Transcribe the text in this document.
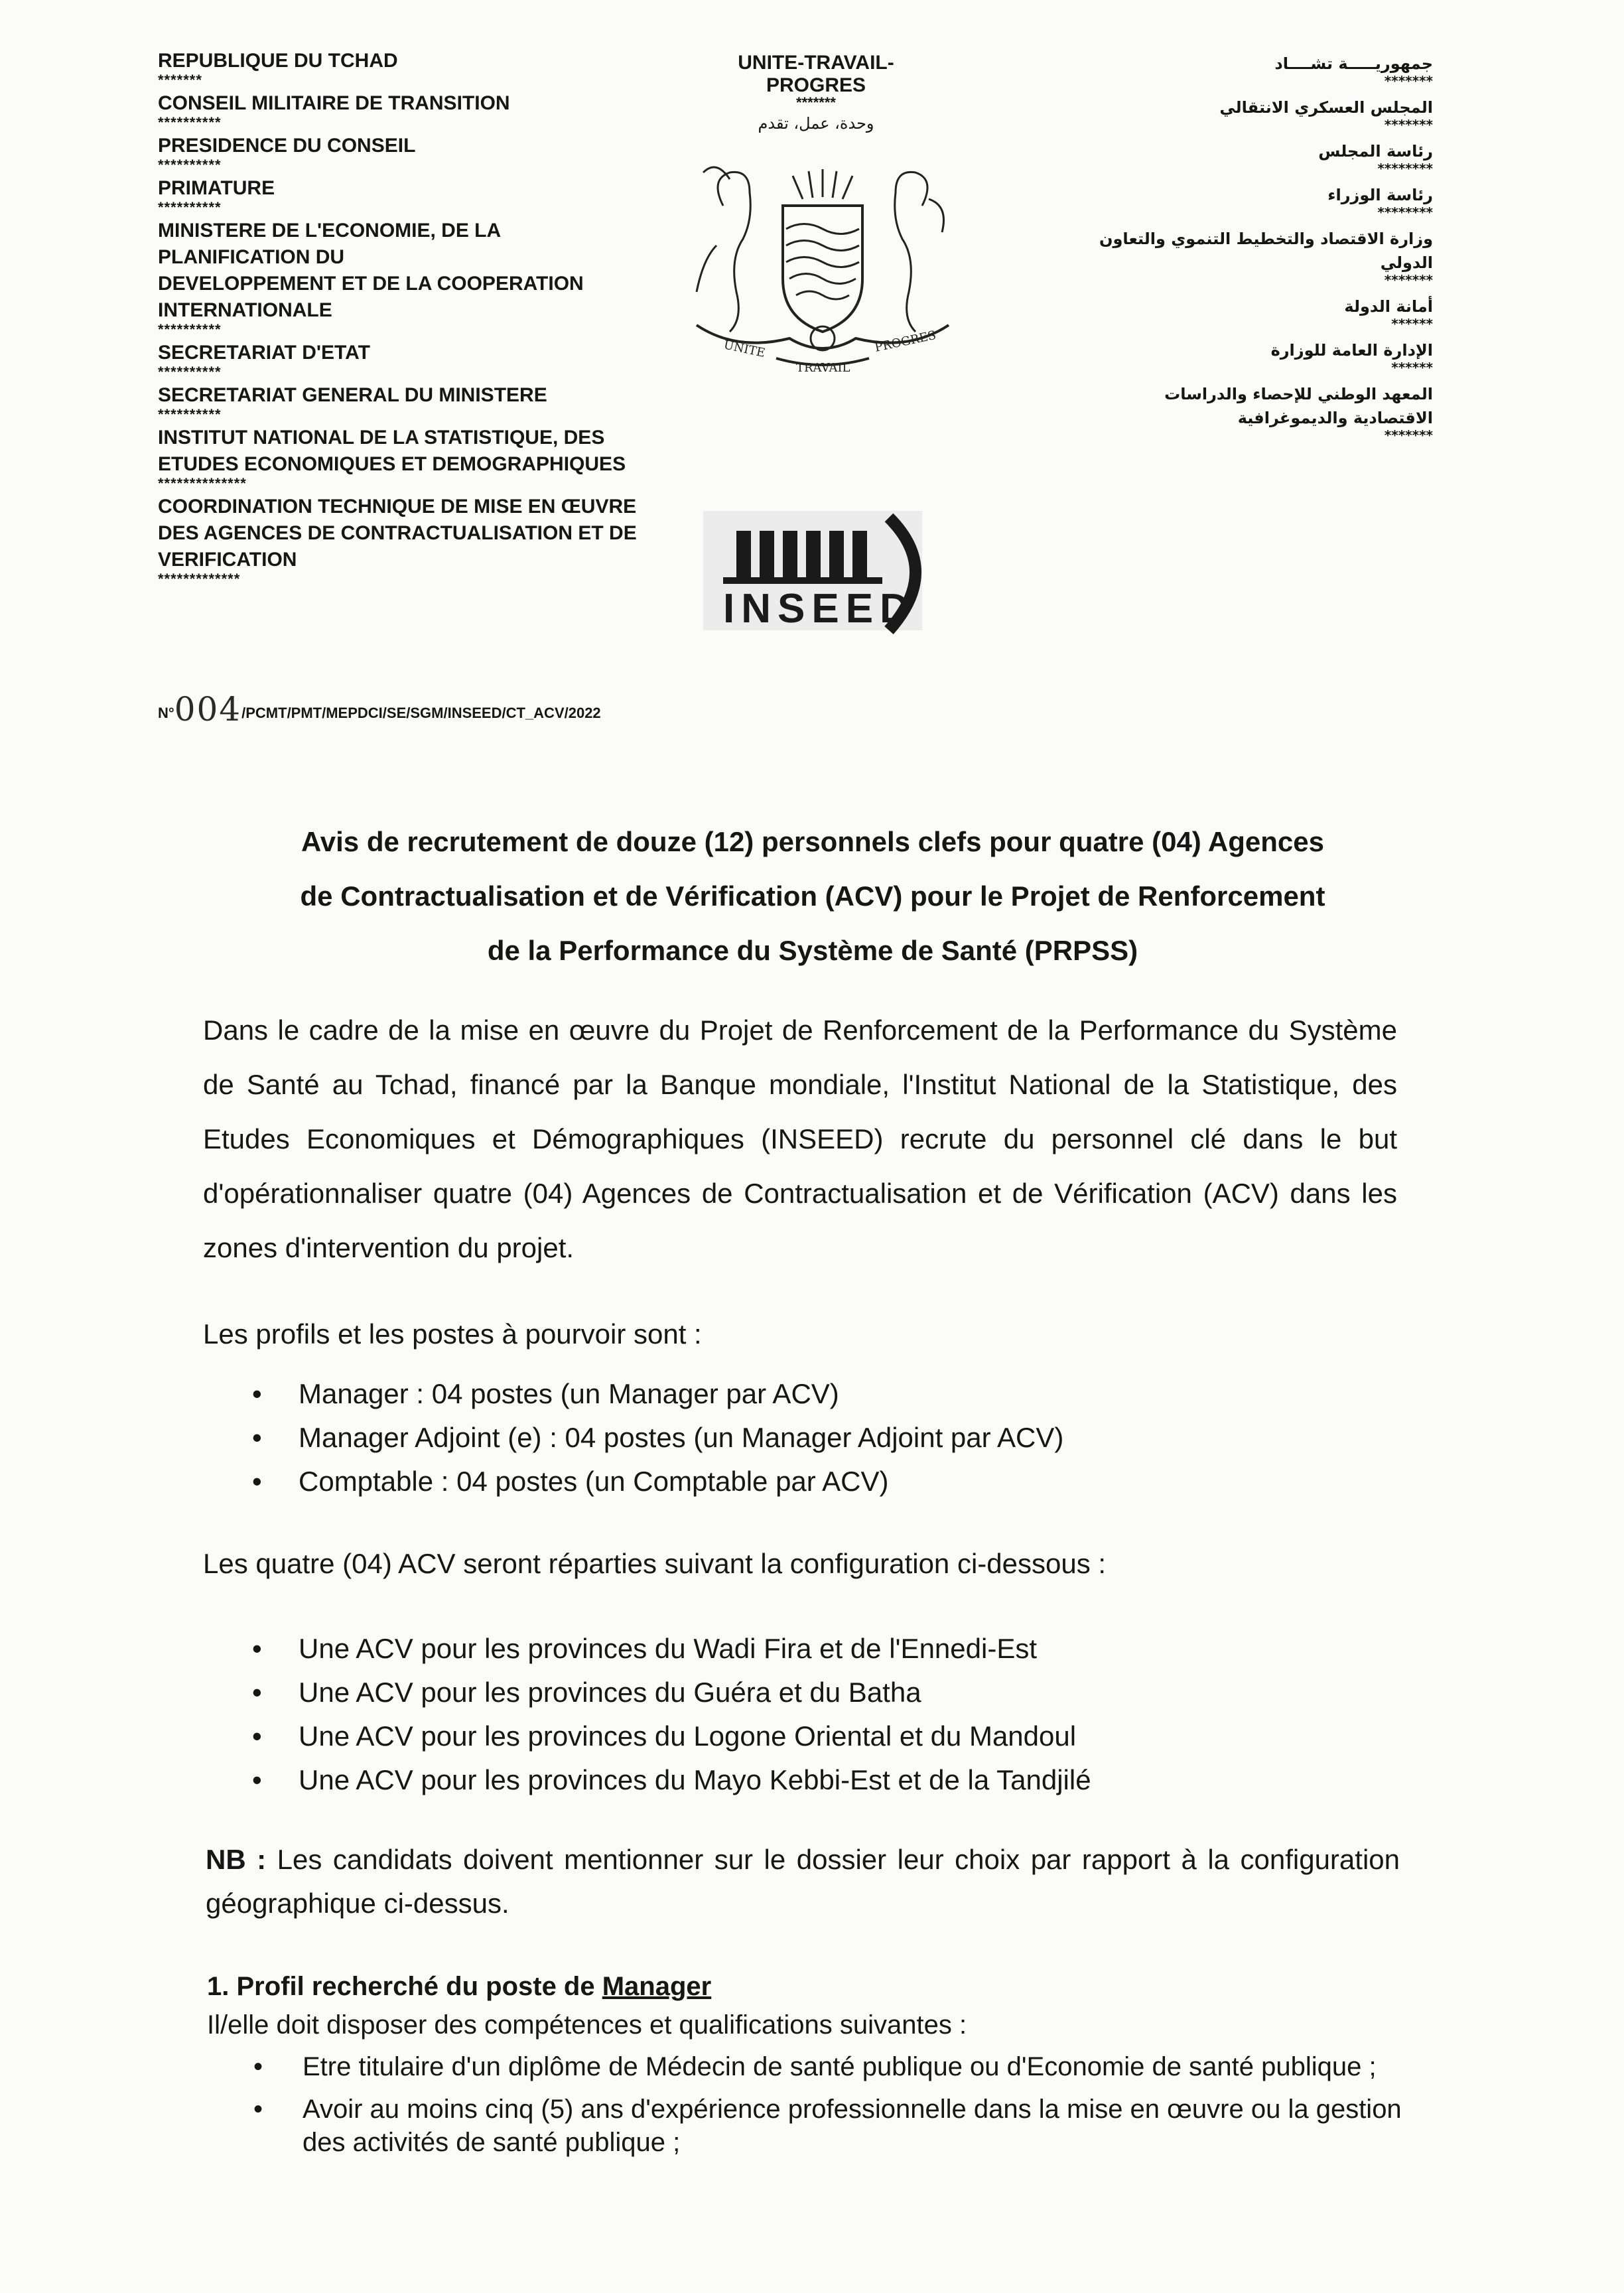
REPUBLIQUE DU TCHAD
*******
CONSEIL MILITAIRE DE TRANSITION
**********
PRESIDENCE DU CONSEIL
**********
PRIMATURE
**********
MINISTERE DE L'ECONOMIE, DE LA
PLANIFICATION DU
DEVELOPPEMENT ET DE LA COOPERATION
INTERNATIONALE
**********
SECRETARIAT D'ETAT
**********
SECRETARIAT GENERAL DU MINISTERE
**********
INSTITUT NATIONAL DE LA STATISTIQUE, DES
ETUDES ECONOMIQUES ET DEMOGRAPHIQUES
**************
COORDINATION TECHNIQUE DE MISE EN ŒUVRE
DES AGENCES DE CONTRACTUALISATION ET DE
VERIFICATION
*************
UNITE-TRAVAIL-PROGRES
*******
وحدة، عمل، تقدم
UNITE	PROGRES
TRAVAIL
INSEED
جمهوريـــــة تشــــاد
*******
المجلس العسكري الانتقالي
*******
رئاسة المجلس
********
رئاسة الوزراء
********
وزارة الاقتصاد والتخطيط التنموي والتعاون الدولي
*******
أمانة الدولة
******
الإدارة العامة للوزارة
******
المعهد الوطني للإحصاء والدراسات الاقتصادية والديموغرافية
*******
N°004/PCMT/PMT/MEPDCI/SE/SGM/INSEED/CT_ACV/2022
Avis de recrutement de douze (12) personnels clefs pour quatre (04) Agences
de Contractualisation et de Vérification (ACV) pour le Projet de Renforcement
de la Performance du Système de Santé (PRPSS)
Dans le cadre de la mise en œuvre du Projet de Renforcement de la Performance du Système de Santé au Tchad, financé par la Banque mondiale, l'Institut National de la Statistique, des Etudes Economiques et Démographiques (INSEED) recrute du personnel clé dans le but d'opérationnaliser quatre (04) Agences de Contractualisation et de Vérification (ACV) dans les zones d'intervention du projet.
Les profils et les postes à pourvoir sont :
• Manager : 04 postes (un Manager par ACV)
• Manager Adjoint (e) : 04 postes (un Manager Adjoint par ACV)
• Comptable : 04 postes (un Comptable par ACV)
Les quatre (04) ACV seront réparties suivant la configuration ci-dessous :
• Une ACV pour les provinces du Wadi Fira et de l'Ennedi-Est
• Une ACV pour les provinces du Guéra et du Batha
• Une ACV pour les provinces du Logone Oriental et du Mandoul
• Une ACV pour les provinces du Mayo Kebbi-Est et de la Tandjilé
NB : Les candidats doivent mentionner sur le dossier leur choix par rapport à la configuration géographique ci-dessus.
1. Profil recherché du poste de Manager
Il/elle doit disposer des compétences et qualifications suivantes :
• Etre titulaire d'un diplôme de Médecin de santé publique ou d'Economie de santé publique ;
• Avoir au moins cinq (5) ans d'expérience professionnelle dans la mise en œuvre ou la gestion des activités de santé publique ;
